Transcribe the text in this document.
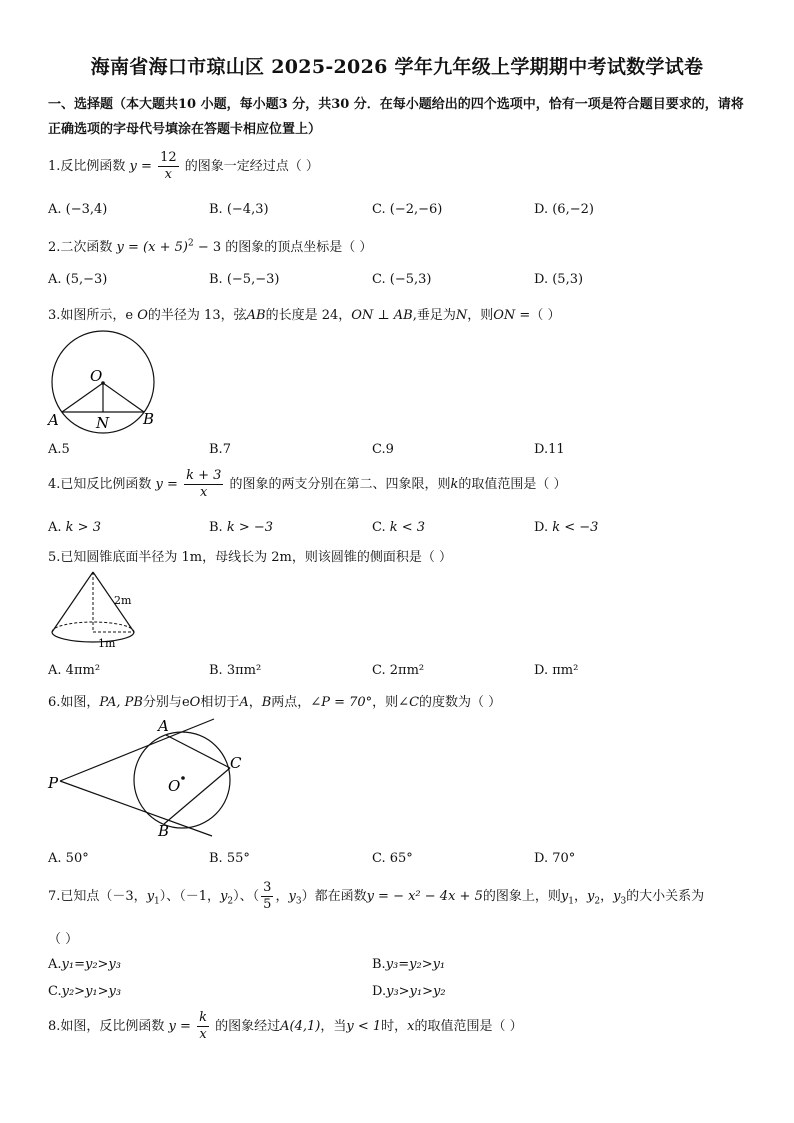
海南省海口市琼山区 2025-2026 学年九年级上学期期中考试数学试卷
一、选择题（本大题共10 小题，每小题3 分，共30 分．在每小题给出的四个选项中，恰有一项是符合题目要求的，请将正确选项的字母代号填涂在答题卡相应位置上）
1.反比例函数 $y = \frac{12}{x}$ 的图象一定经过点（ ）
A. (−3,4)	B. (−4,3)	C. (−2,−6)	D. (6,−2)
2.二次函数 $y = (x + 5)^2 - 3$ 的图象的顶点坐标是（ ）
A. (5,−3)	B. (−5,−3)	C. (−5,3)	D. (5,3)
3.如图所示，e O的半径为 13，弦AB的长度是 24，ON ⊥ AB,垂足为N，则ON =（ ）
O
A	B
N
A.5	B.7	C.9	D.11
4.已知反比例函数 $y = \frac{k + 3}{x}$ 的图象的两支分别在第二、四象限，则k的取值范围是（ ）
A. k > 3	B. k > −3	C. k < 3	D. k < −3
5.已知圆锥底面半径为 1m，母线长为 2m，则该圆锥的侧面积是（ ）
2m
1m
A. 4πm²	B. 3πm²	C. 2πm²	D. πm²
6.如图，PA, PB分别与eO相切于A，B两点，∠P = 70°，则∠C的度数为（ ）
A
B
C
P	O
A. 50°	B. 55°	C. 65°	D. 70°
7.已知点（－3，$y_1$）、（－1，$y_2$）、（ $\frac{3}{5}$ ，$y_3$）都在函数y = − x² − 4x + 5的图象上，则$y_1$，$y_2$，$y_3$的大小关系为
（ ）
A.y₁=y₂>y₃	B.y₃=y₂>y₁
C.y₂>y₁>y₃	D.y₃>y₁>y₂
8.如图，反比例函数 $y = \frac{k}{x}$ 的图象经过A(4,1)，当y < 1时，x的取值范围是（ ）
